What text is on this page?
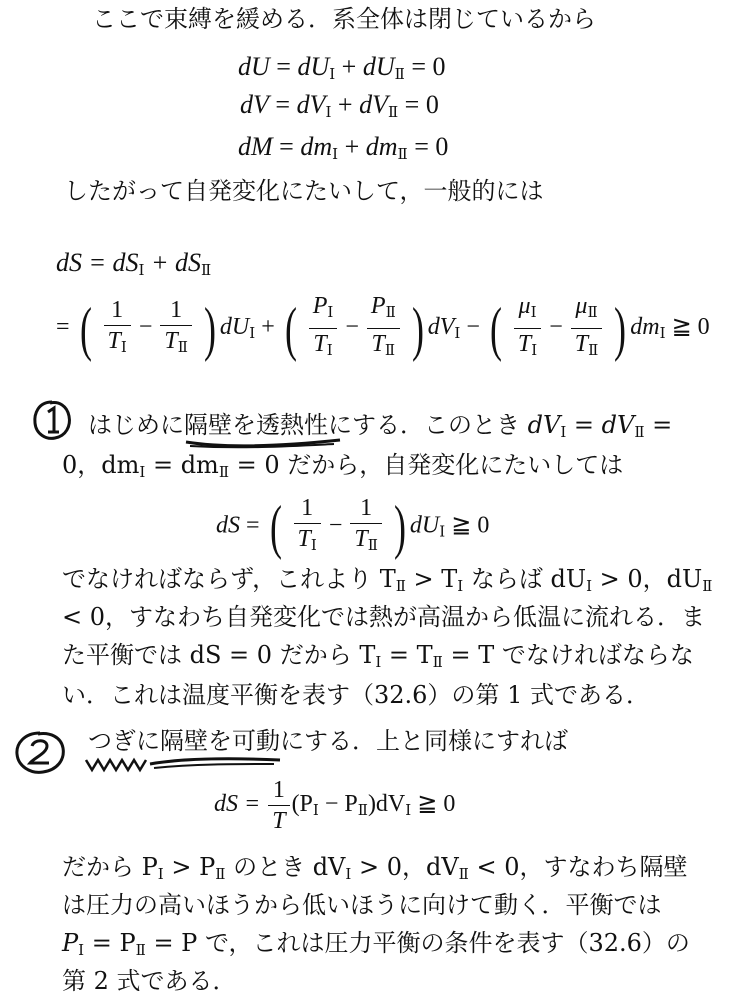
ここで束縛を緩める．系全体は閉じているから
dU = $dU_Ⅰ + dU_Ⅱ = 0$
dV = $dV_Ⅰ + dV_Ⅱ = 0$
dM = $dm_Ⅰ + dm_Ⅱ = 0$
したがって自発変化にたいして，一般的には
dS = $dS_Ⅰ + dS_Ⅱ$
= ( $\frac{1}{T_Ⅰ} - \frac{1}{T_Ⅱ}$ ) $dU_Ⅰ$ + ( $\frac{P_Ⅰ}{T_Ⅰ} - \frac{P_Ⅱ}{T_Ⅱ}$ ) $dV_Ⅰ$ − ( $\frac{\mu_Ⅰ}{T_Ⅰ} - \frac{\mu_Ⅱ}{T_Ⅱ}$ ) $dm_Ⅰ$ ≧ 0
はじめに隔壁を透熱性にする．このとき $dV_Ⅰ = dV_Ⅱ$ =
0，$dm_Ⅰ = dm_Ⅱ = 0$ だから，自発変化にたいしては
dS = ( $\frac{1}{T_Ⅰ} - \frac{1}{T_Ⅱ}$ ) $dU_Ⅰ$ ≧ 0
でなければならず，これより $T_Ⅱ > T_Ⅰ$ ならば $dU_Ⅰ > 0$，$dU_Ⅱ$
< 0，すなわち自発変化では熱が高温から低温に流れる．ま
た平衡では dS = 0 だから $T_Ⅰ = T_Ⅱ = T$ でなければならな
い．これは温度平衡を表す（32.6）の第 1 式である．
つぎに隔壁を可動にする．上と同様にすれば
dS = $\frac{1}{T} (P_Ⅰ - P_Ⅱ)dV_Ⅰ$ ≧ 0
だから $P_Ⅰ > P_Ⅱ$ のとき $dV_Ⅰ > 0$，$dV_Ⅱ < 0$，すなわち隔壁
は圧力の高いほうから低いほうに向けて動く．平衡では
$P_Ⅰ = P_Ⅱ = P$ で，これは圧力平衡の条件を表す（32.6）の
第 2 式である．
